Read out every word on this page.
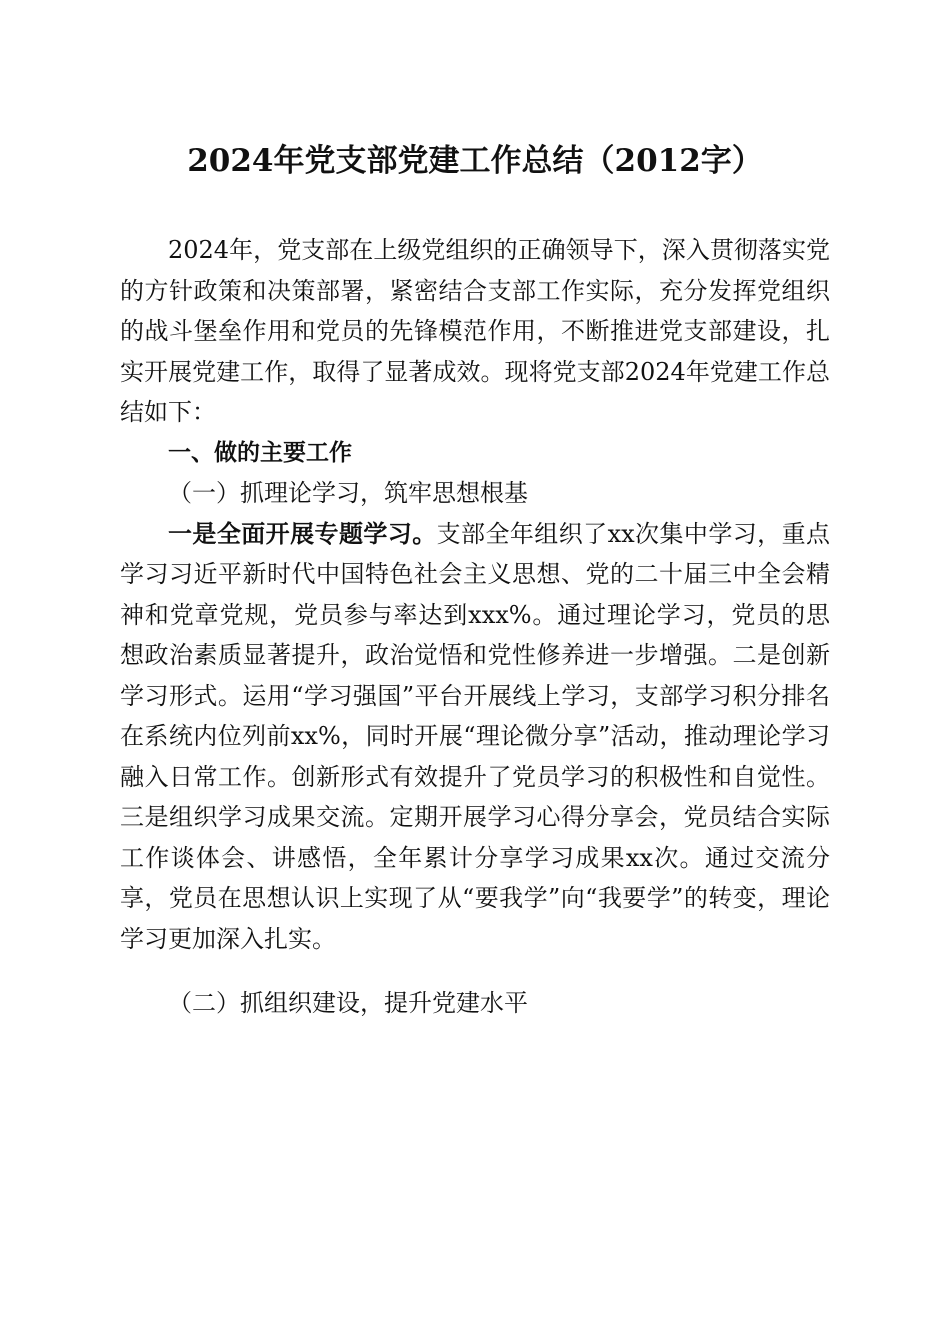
2024年党支部党建工作总结（2012字）

2024年，党支部在上级党组织的正确领导下，深入贯彻落实党的方针政策和决策部署，紧密结合支部工作实际，充分发挥党组织的战斗堡垒作用和党员的先锋模范作用，不断推进党支部建设，扎实开展党建工作，取得了显著成效。现将党支部2024年党建工作总结如下：

一、做的主要工作

（一）抓理论学习，筑牢思想根基

一是全面开展专题学习。支部全年组织了xx次集中学习，重点学习习近平新时代中国特色社会主义思想、党的二十届三中全会精神和党章党规，党员参与率达到xxx%。通过理论学习，党员的思想政治素质显著提升，政治觉悟和党性修养进一步增强。二是创新学习形式。运用“学习强国”平台开展线上学习，支部学习积分排名在系统内位列前xx%，同时开展“理论微分享”活动，推动理论学习融入日常工作。创新形式有效提升了党员学习的积极性和自觉性。三是组织学习成果交流。定期开展学习心得分享会，党员结合实际工作谈体会、讲感悟，全年累计分享学习成果xx次。通过交流分享，党员在思想认识上实现了从“要我学”向“我要学”的转变，理论学习更加深入扎实。

（二）抓组织建设，提升党建水平
